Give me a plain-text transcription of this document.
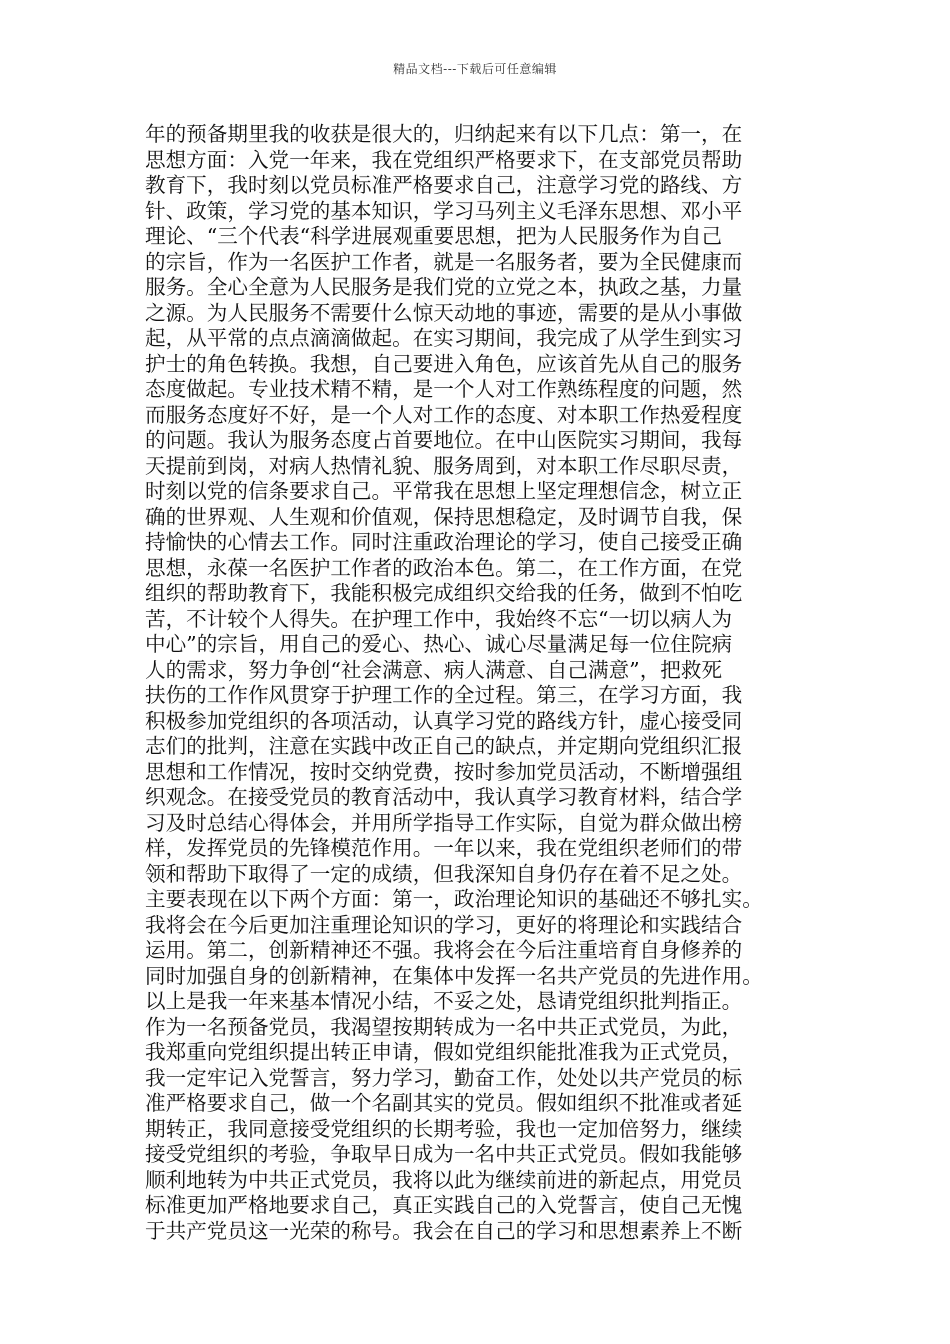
精品文档---下载后可任意编辑
年的预备期里我的收获是很大的，归纳起来有以下几点：第一，在
思想方面：入党一年来，我在党组织严格要求下，在支部党员帮助
教育下，我时刻以党员标准严格要求自己，注意学习党的路线、方
针、政策，学习党的基本知识，学习马列主义毛泽东思想、邓小平
理论、“三个代表“科学进展观重要思想，把为人民服务作为自己
的宗旨，作为一名医护工作者，就是一名服务者，要为全民健康而
服务。全心全意为人民服务是我们党的立党之本，执政之基，力量
之源。为人民服务不需要什么惊天动地的事迹，需要的是从小事做
起，从平常的点点滴滴做起。在实习期间，我完成了从学生到实习
护士的角色转换。我想，自己要进入角色，应该首先从自己的服务
态度做起。专业技术精不精，是一个人对工作熟练程度的问题，然
而服务态度好不好，是一个人对工作的态度、对本职工作热爱程度
的问题。我认为服务态度占首要地位。在中山医院实习期间，我每
天提前到岗，对病人热情礼貌、服务周到，对本职工作尽职尽责，
时刻以党的信条要求自己。平常我在思想上坚定理想信念，树立正
确的世界观、人生观和价值观，保持思想稳定，及时调节自我，保
持愉快的心情去工作。同时注重政治理论的学习，使自己接受正确
思想，永葆一名医护工作者的政治本色。第二，在工作方面，在党
组织的帮助教育下，我能积极完成组织交给我的任务，做到不怕吃
苦，不计较个人得失。在护理工作中，我始终不忘“一切以病人为
中心”的宗旨，用自己的爱心、热心、诚心尽量满足每一位住院病
人的需求，努力争创“社会满意、病人满意、自己满意”，把救死
扶伤的工作作风贯穿于护理工作的全过程。第三，在学习方面，我
积极参加党组织的各项活动，认真学习党的路线方针，虚心接受同
志们的批判，注意在实践中改正自己的缺点，并定期向党组织汇报
思想和工作情况，按时交纳党费，按时参加党员活动，不断增强组
织观念。在接受党员的教育活动中，我认真学习教育材料，结合学
习及时总结心得体会，并用所学指导工作实际，自觉为群众做出榜
样，发挥党员的先锋模范作用。一年以来，我在党组织老师们的带
领和帮助下取得了一定的成绩，但我深知自身仍存在着不足之处。
主要表现在以下两个方面：第一，政治理论知识的基础还不够扎实。
我将会在今后更加注重理论知识的学习，更好的将理论和实践结合
运用。第二，创新精神还不强。我将会在今后注重培育自身修养的
同时加强自身的创新精神，在集体中发挥一名共产党员的先进作用。
以上是我一年来基本情况小结，不妥之处，恳请党组织批判指正。
作为一名预备党员，我渴望按期转成为一名中共正式党员，为此，
我郑重向党组织提出转正申请，假如党组织能批准我为正式党员，
我一定牢记入党誓言，努力学习，勤奋工作，处处以共产党员的标
准严格要求自己，做一个名副其实的党员。假如组织不批准或者延
期转正，我同意接受党组织的长期考验，我也一定加倍努力，继续
接受党组织的考验，争取早日成为一名中共正式党员。假如我能够
顺利地转为中共正式党员，我将以此为继续前进的新起点，用党员
标准更加严格地要求自己，真正实践自己的入党誓言，使自己无愧
于共产党员这一光荣的称号。我会在自己的学习和思想素养上不断
